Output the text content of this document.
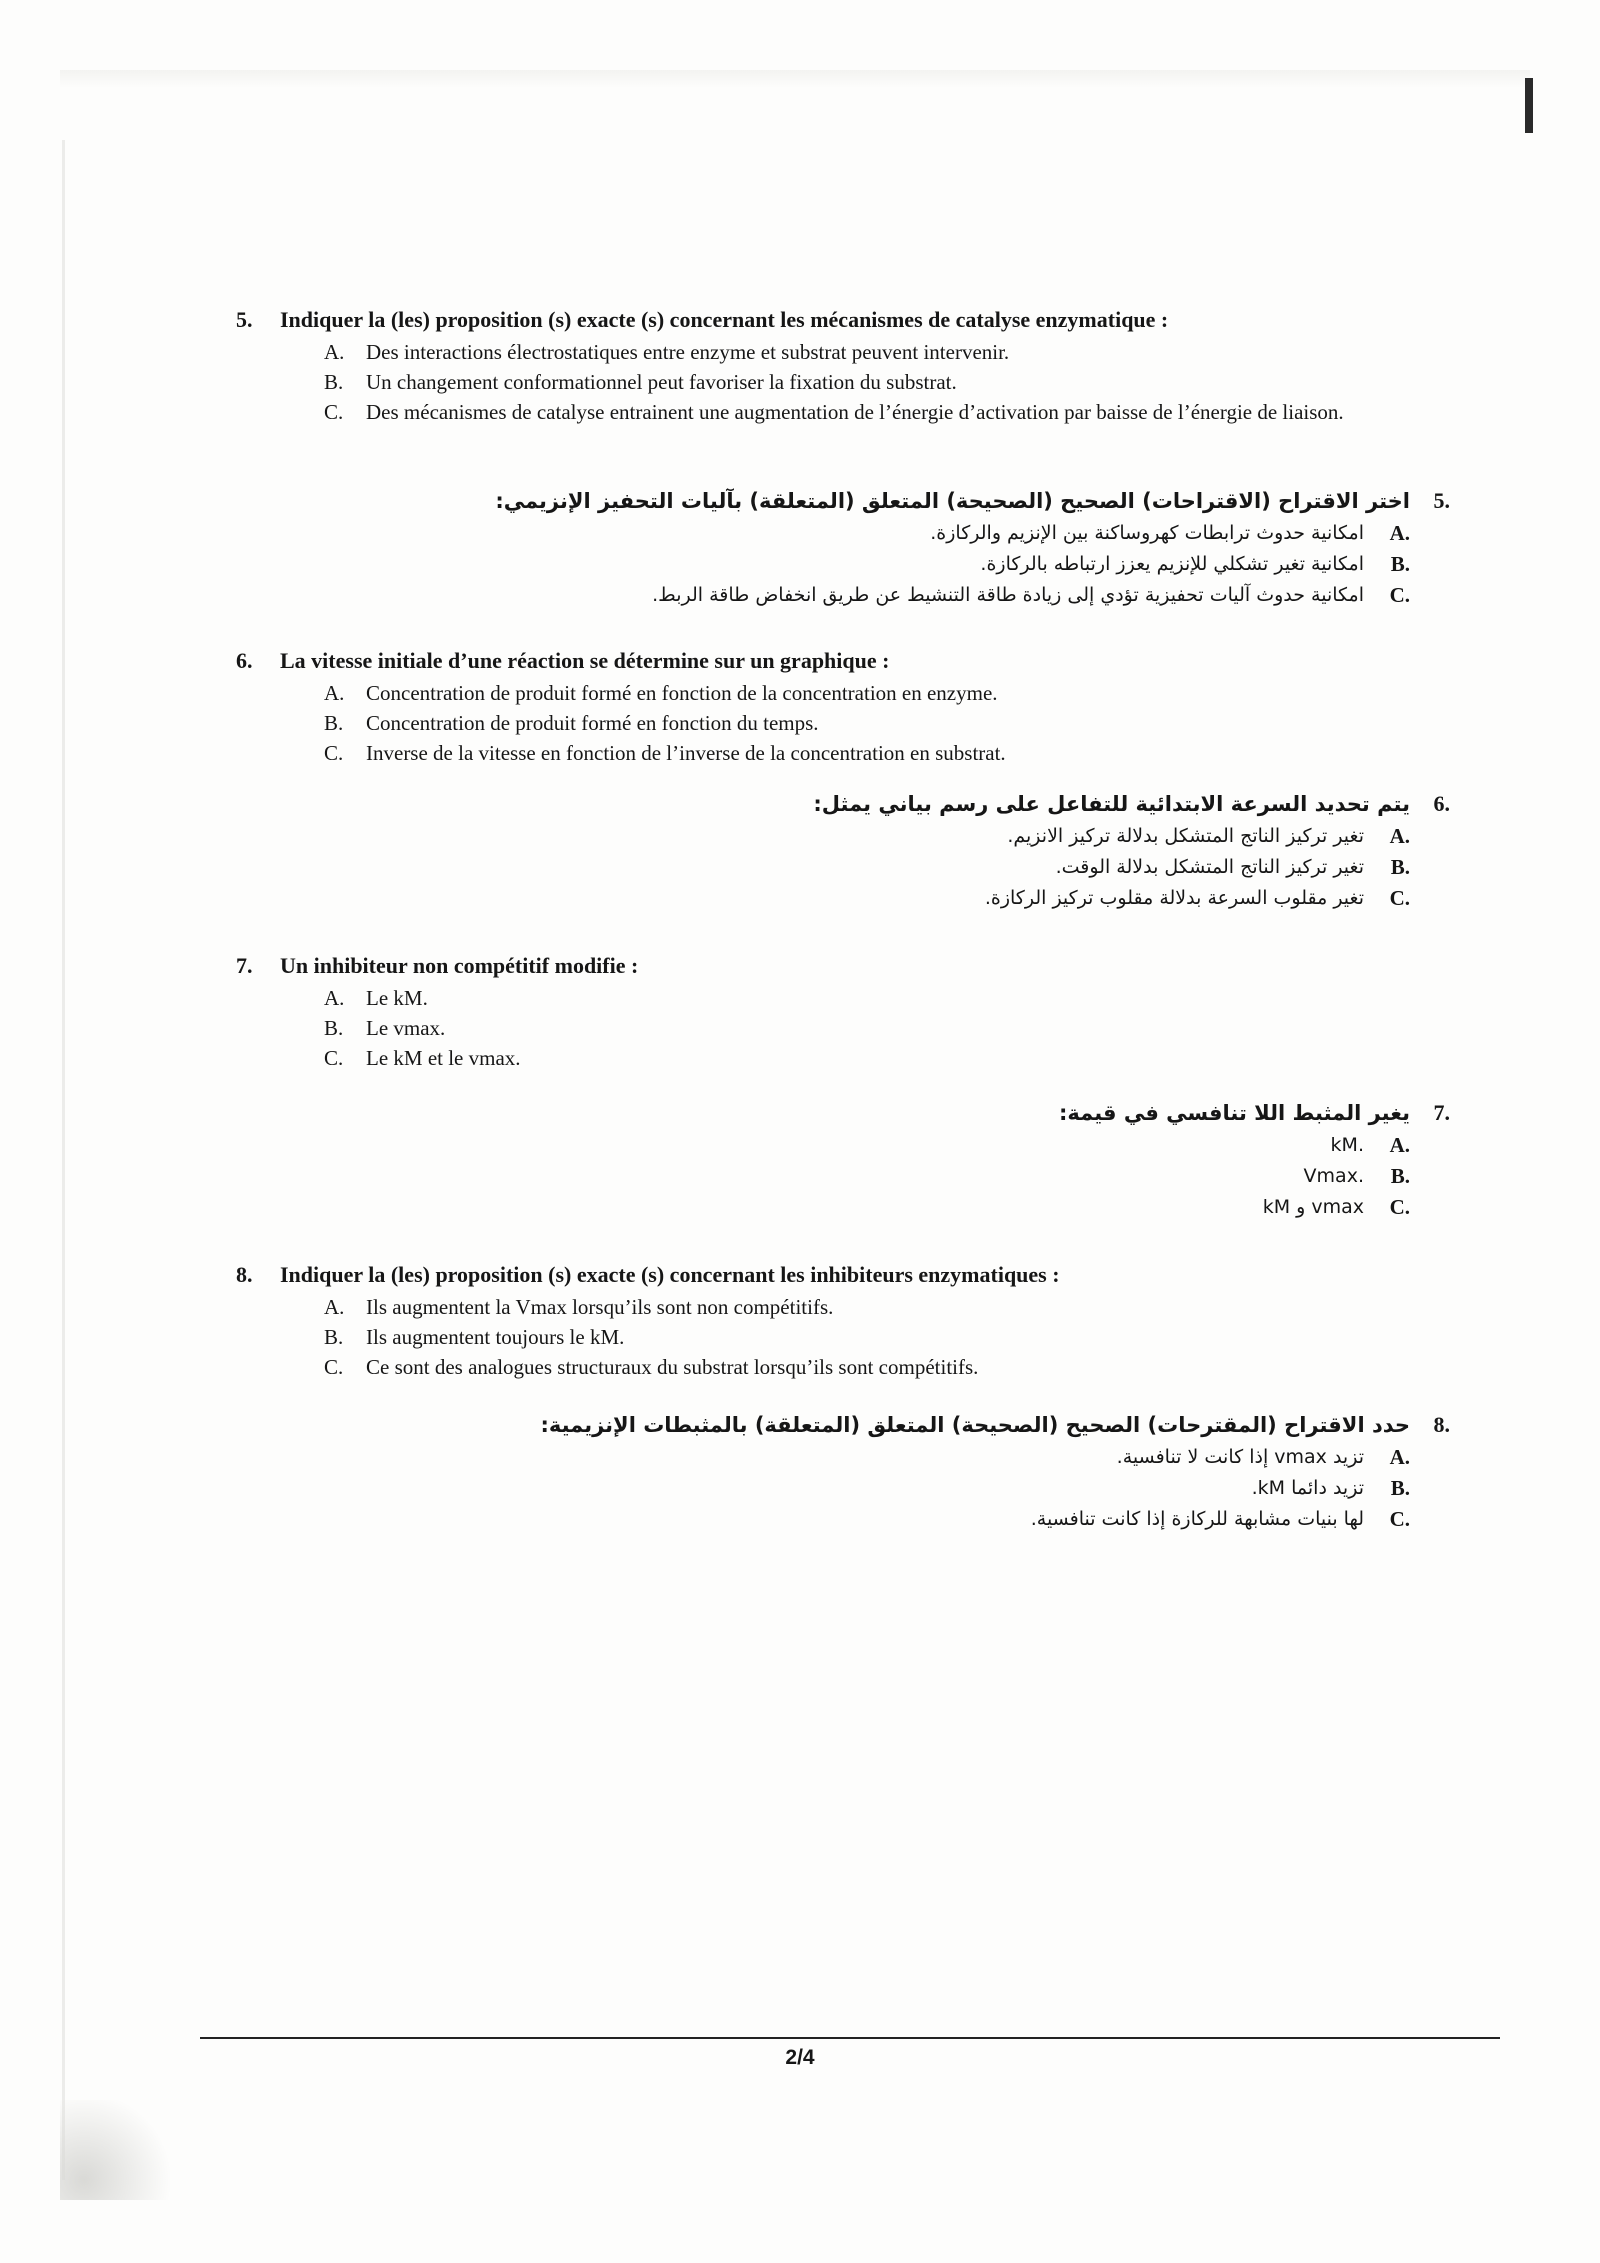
5.	Indiquer la (les) proposition (s) exacte (s) concernant les mécanismes de catalyse enzymatique :
A.	Des interactions électrostatiques entre enzyme et substrat peuvent intervenir.
B.	Un changement conformationnel peut favoriser la fixation du substrat.
C.	Des mécanismes de catalyse entrainent une augmentation de l’énergie d’activation par baisse de l’énergie de liaison.
.5
اختر الاقتراح (الاقتراحات) الصحيح (الصحيحة) المتعلق (المتعلقة) بآليات التحفيز الإنزيمي:
.A
امكانية حدوث ترابطات كهروساكنة بين الإنزيم والركازة.
.B
امكانية تغير تشكلي للإنزيم يعزز ارتباطه بالركازة.
.C
امكانية حدوث آليات تحفيزية تؤدي إلى زيادة طاقة التنشيط عن طريق انخفاض طاقة الربط.
6.	La vitesse initiale d’une réaction se détermine sur un graphique :
A.	Concentration de produit formé en fonction de la concentration en enzyme.
B.	Concentration de produit formé en fonction du temps.
C.	Inverse de la vitesse en fonction de l’inverse de la concentration en substrat.
.6
يتم تحديد السرعة الابتدائية للتفاعل على رسم بياني يمثل:
.A
تغير تركيز الناتج المتشكل بدلالة تركيز الانزيم.
.B
تغير تركيز الناتج المتشكل بدلالة الوقت.
.C
تغير مقلوب السرعة بدلالة مقلوب تركيز الركازة.
7.	Un inhibiteur non compétitif modifie :
A.	Le kM.
B.	Le vmax.
C.	Le kM et le vmax.
.7
يغير المثبط اللا تنافسي في قيمة:
.A
.kM
.B
.Vmax
.C
vmax و kM
8.	Indiquer la (les) proposition (s) exacte (s) concernant les inhibiteurs enzymatiques :
A.	Ils augmentent la Vmax lorsqu’ils sont non compétitifs.
B.	Ils augmentent toujours le kM.
C.	Ce sont des analogues structuraux du substrat lorsqu’ils sont compétitifs.
.8
حدد الاقتراح (المقترحات) الصحيح (الصحيحة) المتعلق (المتعلقة) بالمثبطات الإنزيمية:
.A
تزيد vmax إذا كانت لا تنافسية.
.B
تزيد دائما kM.
.C
لها بنيات مشابهة للركازة إذا كانت تنافسية.
2/4
